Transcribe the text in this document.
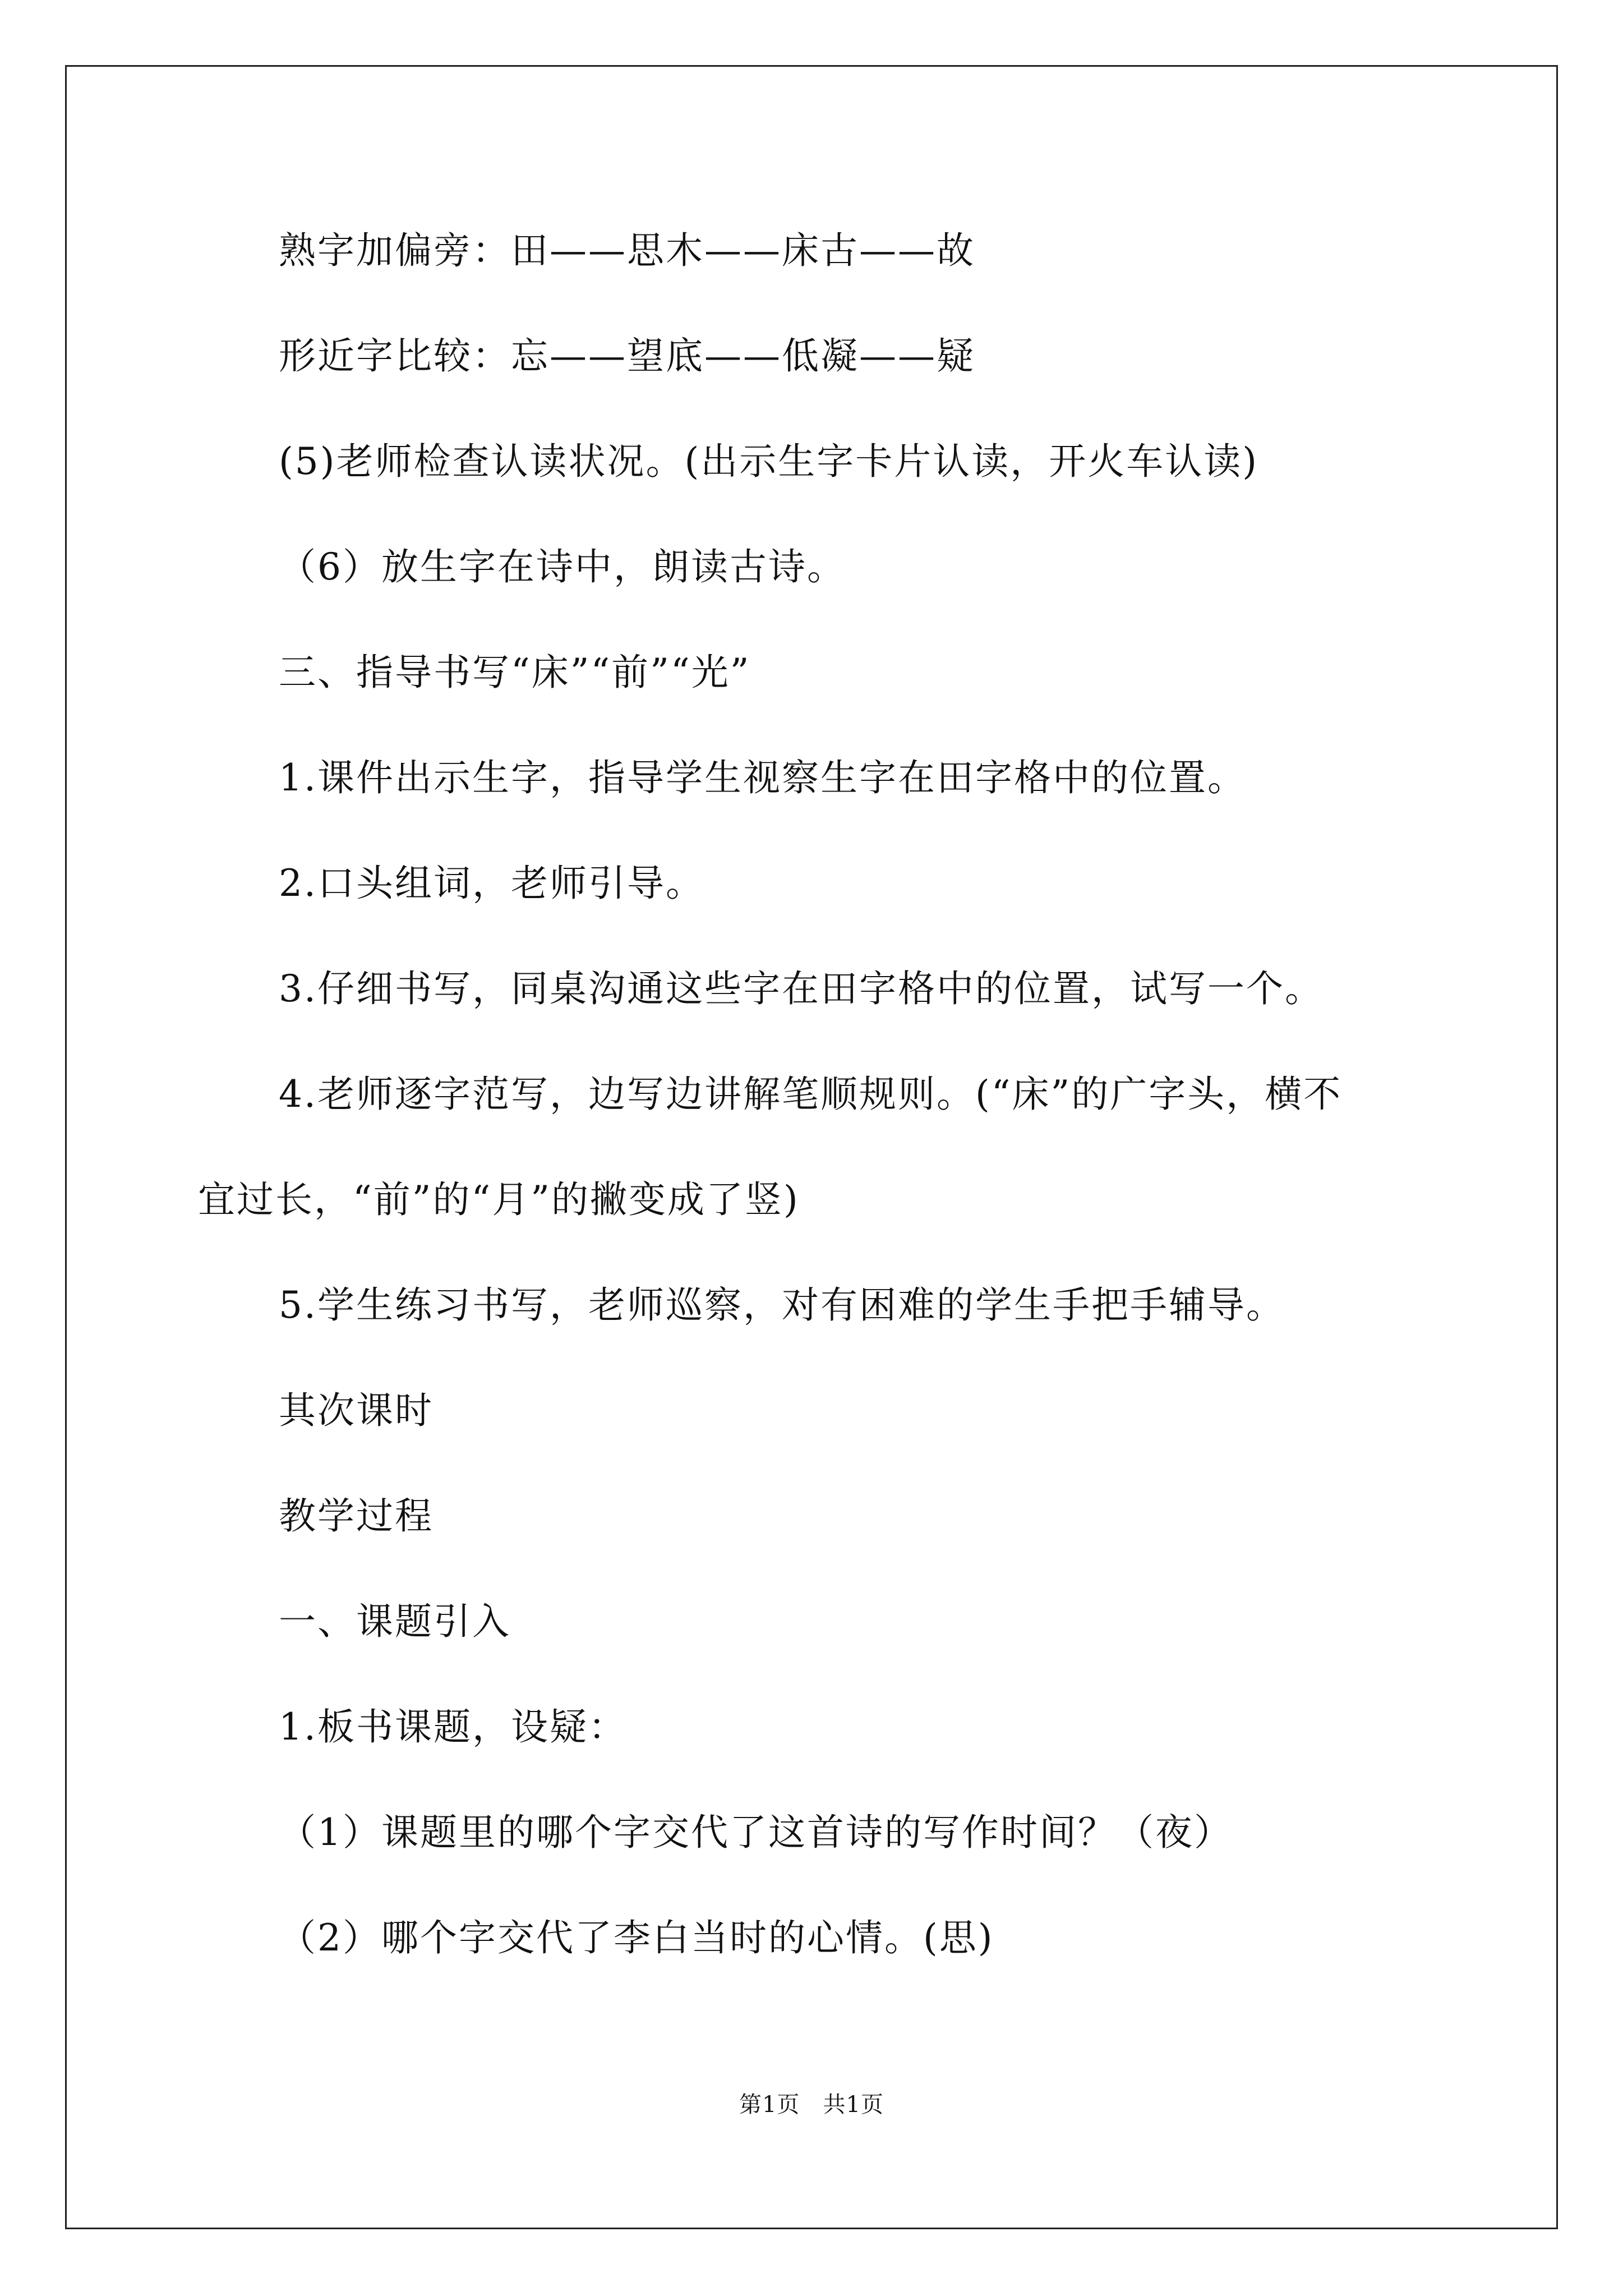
熟字加偏旁：田——思木——床古——故
形近字比较：忘——望底——低凝——疑
(5)老师检查认读状况。(出示生字卡片认读，开火车认读)
（6）放生字在诗中，朗读古诗。
三、指导书写“床”“前”“光”
1.课件出示生字，指导学生视察生字在田字格中的位置。
2.口头组词，老师引导。
3.仔细书写，同桌沟通这些字在田字格中的位置，试写一个。
4.老师逐字范写，边写边讲解笔顺规则。(“床”的广字头，横不
宜过长，“前”的“月”的撇变成了竖)
5.学生练习书写，老师巡察，对有困难的学生手把手辅导。
其次课时
教学过程
一、课题引入
1.板书课题，设疑：
（1）课题里的哪个字交代了这首诗的写作时间？（夜）
（2）哪个字交代了李白当时的心情。(思)
第1页   共1页
